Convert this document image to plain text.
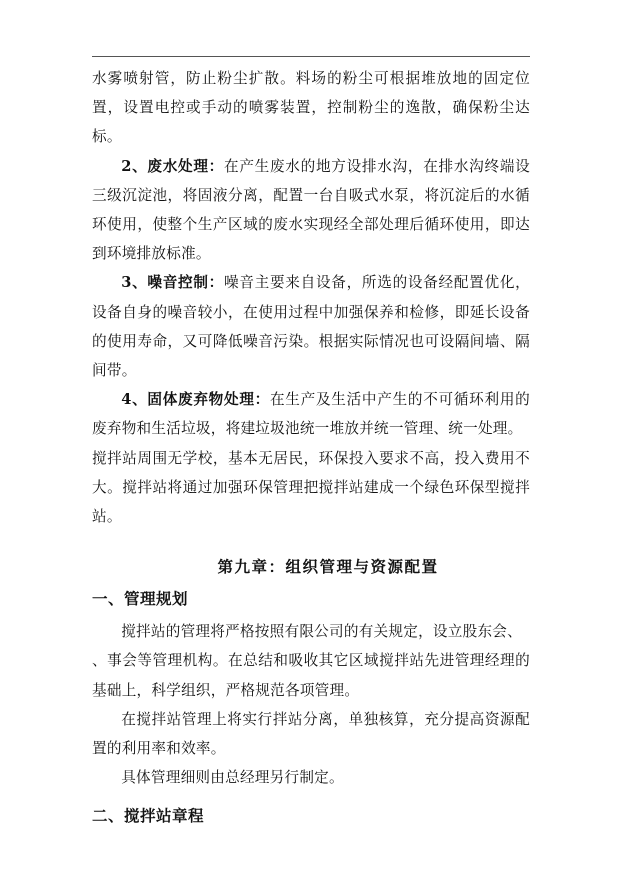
水雾喷射管，防止粉尘扩散。料场的粉尘可根据堆放地的固定位置，设置电控或手动的喷雾装置，控制粉尘的逸散，确保粉尘达标。

2、废水处理：在产生废水的地方设排水沟，在排水沟终端设三级沉淀池，将固液分离，配置一台自吸式水泵，将沉淀后的水循环使用，使整个生产区域的废水实现经全部处理后循环使用，即达到环境排放标准。

3、噪音控制：噪音主要来自设备，所选的设备经配置优化，设备自身的噪音较小，在使用过程中加强保养和检修，即延长设备的使用寿命，又可降低噪音污染。根据实际情况也可设隔间墙、隔间带。

4、固体废弃物处理：在生产及生活中产生的不可循环利用的废弃物和生活垃圾，将建垃圾池统一堆放并统一管理、统一处理。

搅拌站周围无学校，基本无居民，环保投入要求不高，投入费用不大。搅拌站将通过加强环保管理把搅拌站建成一个绿色环保型搅拌站。

第九章：组织管理与资源配置
一、管理规划

搅拌站的管理将严格按照有限公司的有关规定，设立股东会、

、事会等管理机构。在总结和吸收其它区域搅拌站先进管理经理的基础上，科学组织，严格规范各项管理。

在搅拌站管理上将实行拌站分离，单独核算，充分提高资源配置的利用率和效率。

具体管理细则由总经理另行制定。

二、搅拌站章程
